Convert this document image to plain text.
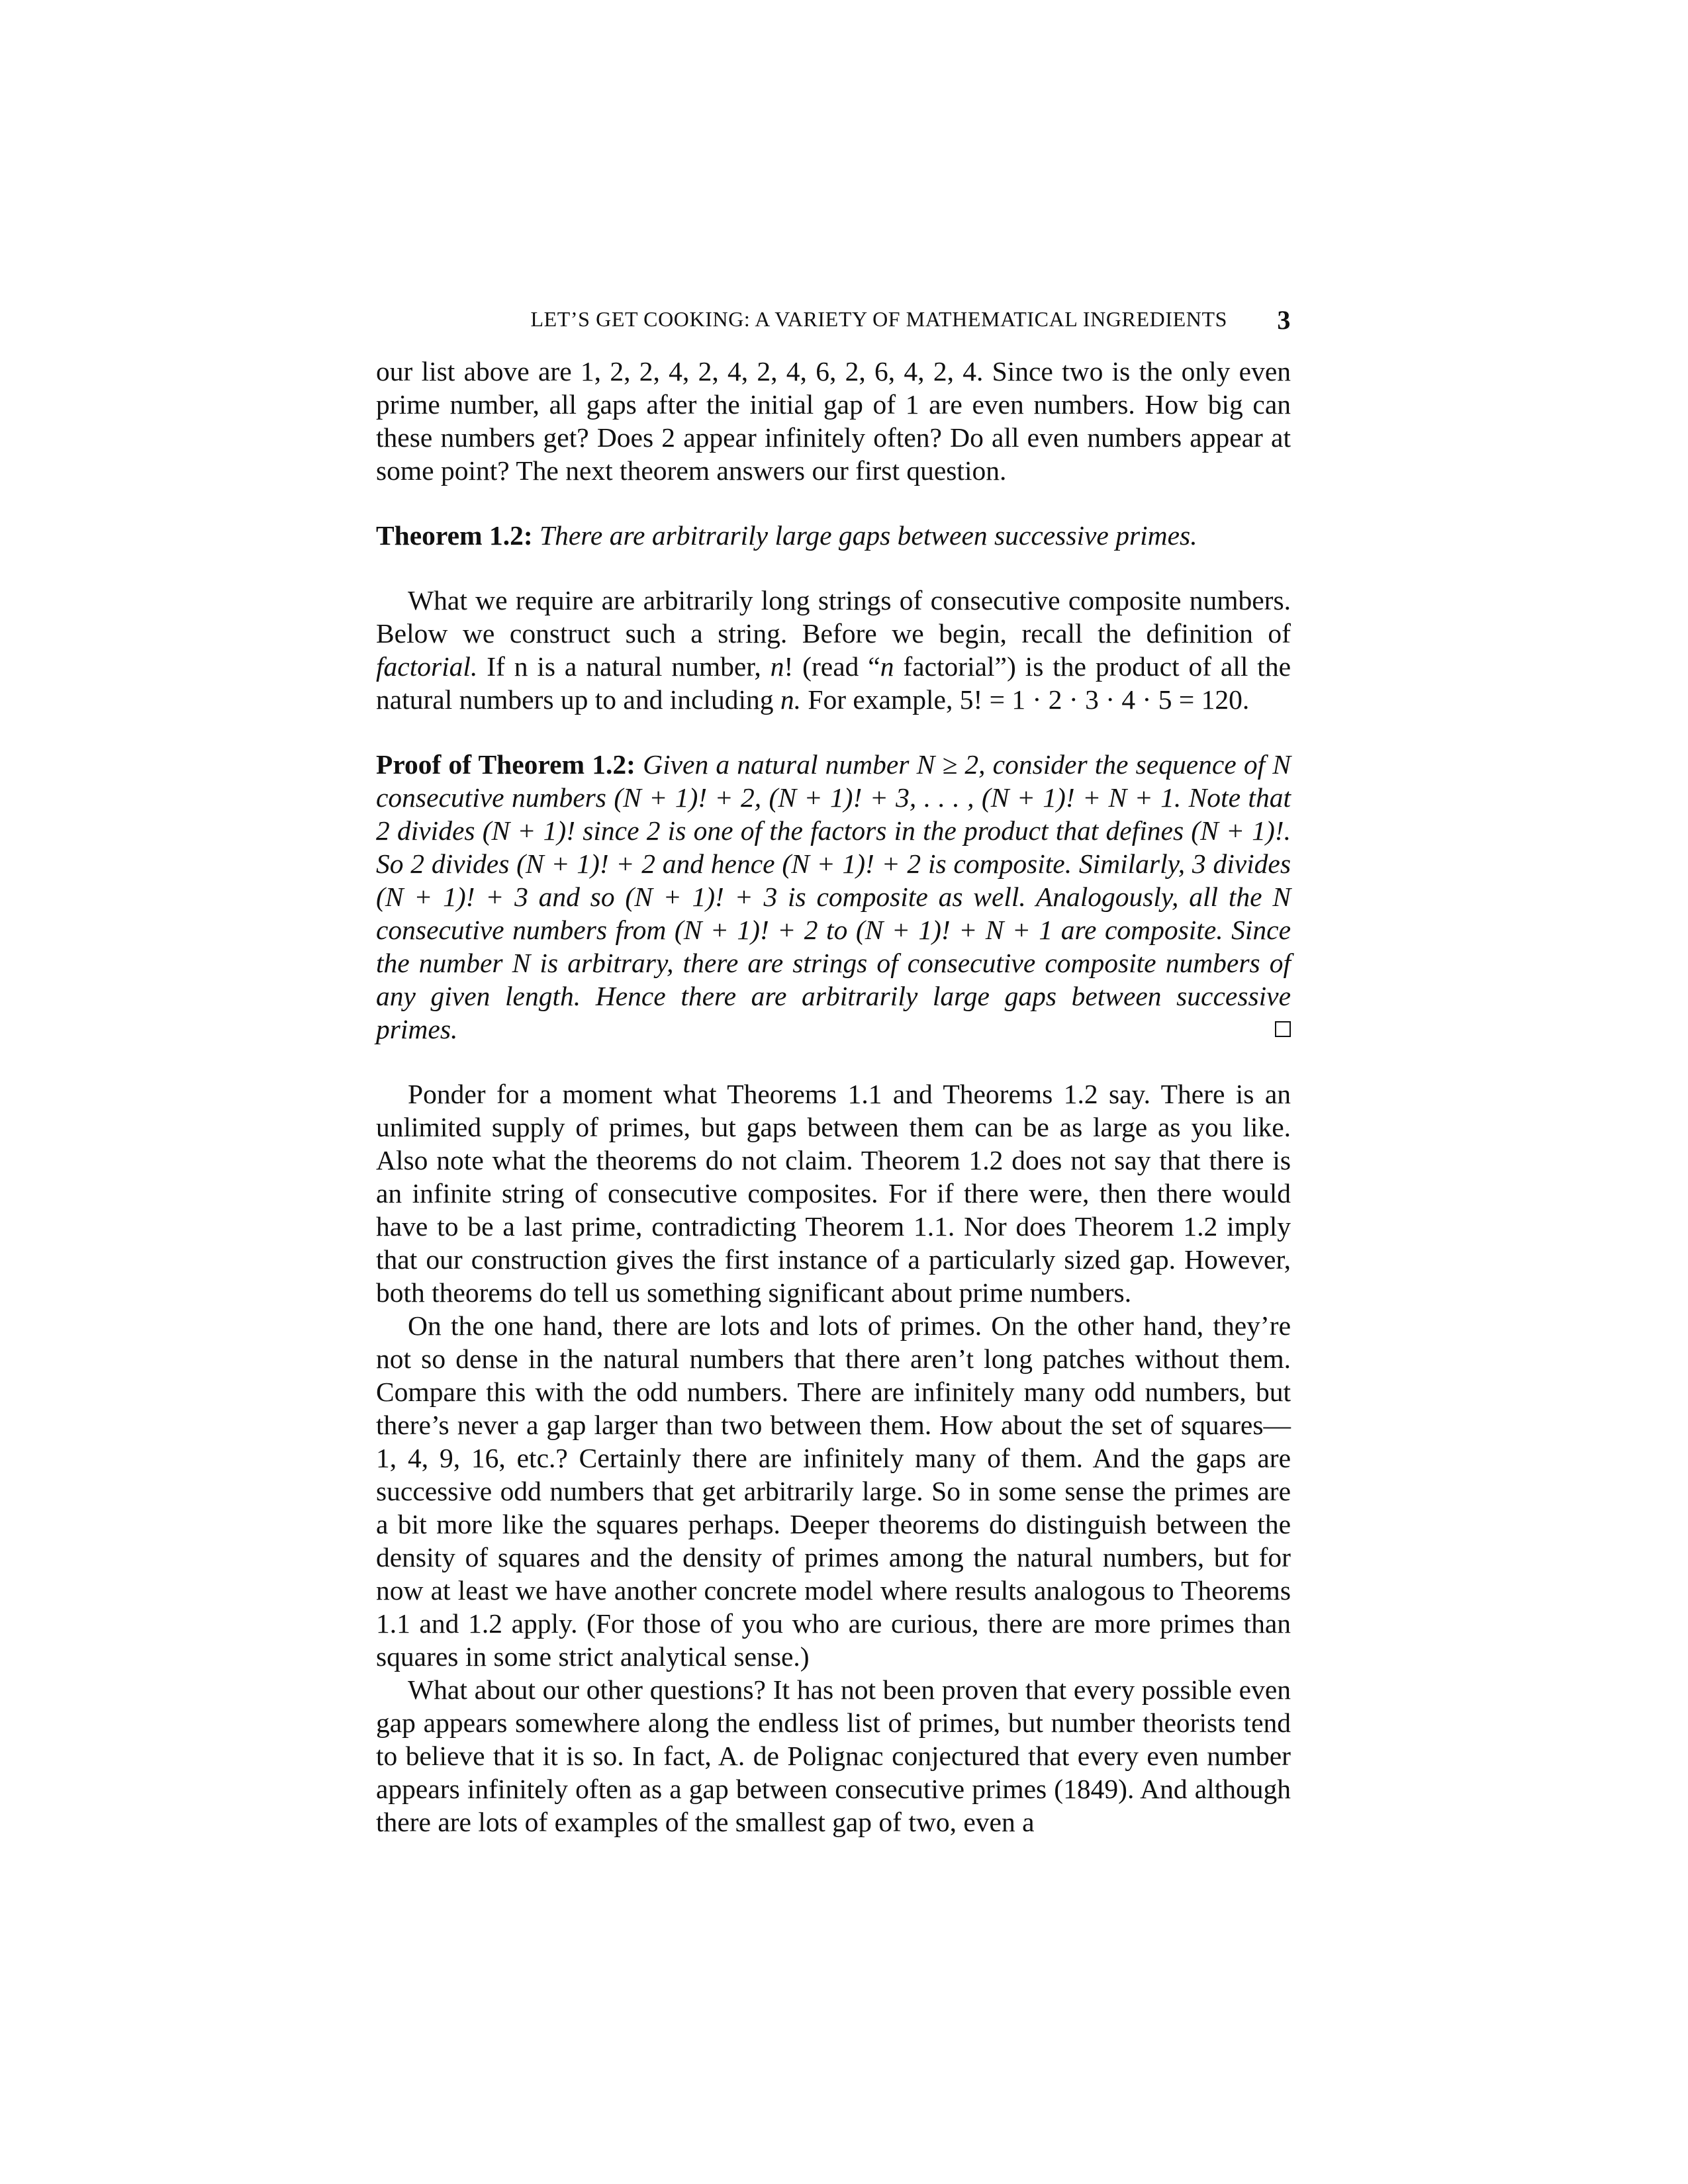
LET’S GET COOKING: A VARIETY OF MATHEMATICAL INGREDIENTS 3

our list above are 1, 2, 2, 4, 2, 4, 2, 4, 6, 2, 6, 4, 2, 4. Since two is the only even prime number, all gaps after the initial gap of 1 are even numbers. How big can these numbers get? Does 2 appear infinitely often? Do all even numbers appear at some point? The next theorem answers our first question.

Theorem 1.2: There are arbitrarily large gaps between successive primes.

What we require are arbitrarily long strings of consecutive composite numbers. Below we construct such a string. Before we begin, recall the definition of factorial. If n is a natural number, n! (read “n factorial”) is the product of all the natural numbers up to and including n. For example, 5! = 1 · 2 · 3 · 4 · 5 = 120.

Proof of Theorem 1.2: Given a natural number N ≥ 2, consider the sequence of N consecutive numbers (N + 1)! + 2, (N + 1)! + 3, . . . , (N + 1)! + N + 1. Note that 2 divides (N + 1)! since 2 is one of the factors in the product that defines (N + 1)!. So 2 divides (N + 1)! + 2 and hence (N + 1)! + 2 is composite. Similarly, 3 divides (N + 1)! + 3 and so (N + 1)! + 3 is composite as well. Analogously, all the N consecutive numbers from (N + 1)! + 2 to (N + 1)! + N + 1 are composite. Since the number N is arbitrary, there are strings of consecutive composite numbers of any given length. Hence there are arbitrarily large gaps between successive primes.

Ponder for a moment what Theorems 1.1 and Theorems 1.2 say. There is an unlimited supply of primes, but gaps between them can be as large as you like. Also note what the theorems do not claim. Theorem 1.2 does not say that there is an infinite string of consecutive composites. For if there were, then there would have to be a last prime, contradicting Theorem 1.1. Nor does Theorem 1.2 imply that our construction gives the first instance of a particularly sized gap. However, both theorems do tell us something significant about prime numbers.

On the one hand, there are lots and lots of primes. On the other hand, they’re not so dense in the natural numbers that there aren’t long patches without them. Compare this with the odd numbers. There are infinitely many odd numbers, but there’s never a gap larger than two between them. How about the set of squares—1, 4, 9, 16, etc.? Certainly there are infinitely many of them. And the gaps are successive odd numbers that get arbitrarily large. So in some sense the primes are a bit more like the squares perhaps. Deeper theorems do distinguish between the density of squares and the density of primes among the natural numbers, but for now at least we have another concrete model where results analogous to Theorems 1.1 and 1.2 apply. (For those of you who are curious, there are more primes than squares in some strict analytical sense.)

What about our other questions? It has not been proven that every possible even gap appears somewhere along the endless list of primes, but number theorists tend to believe that it is so. In fact, A. de Polignac conjectured that every even number appears infinitely often as a gap between consecutive primes (1849). And although there are lots of examples of the smallest gap of two, even a
